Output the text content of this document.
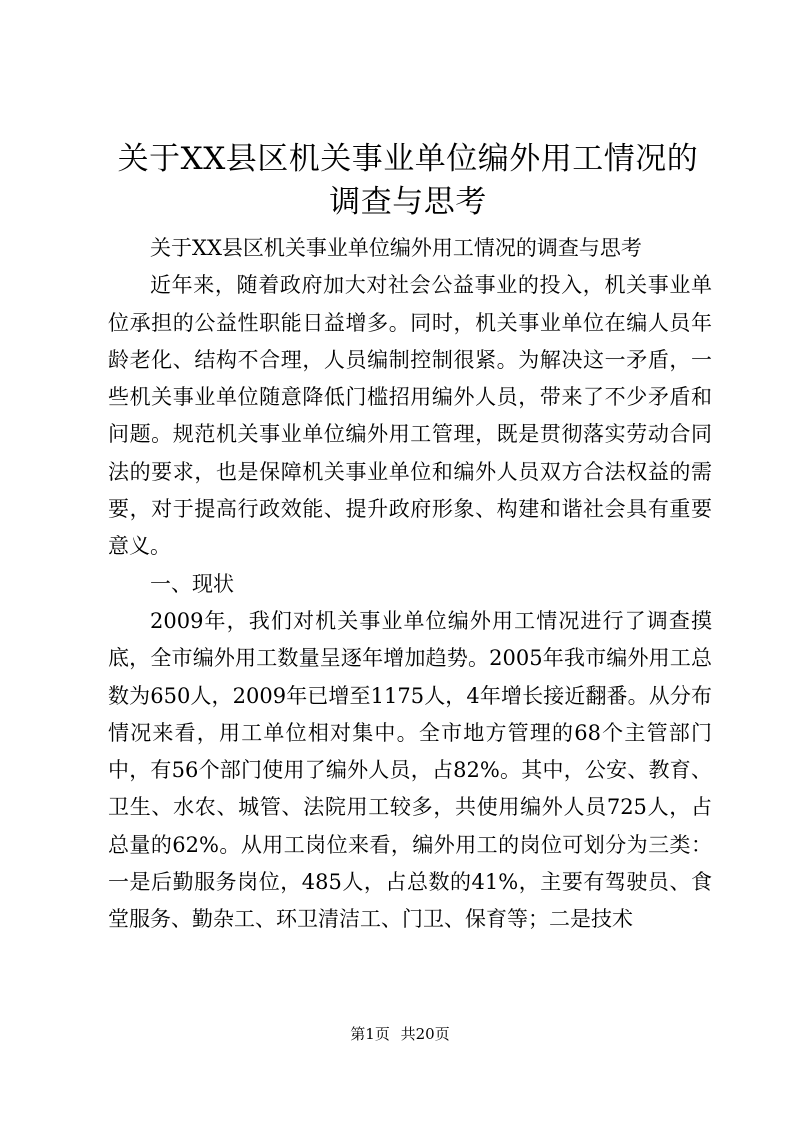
关于XX县区机关事业单位编外用工情况的调查与思考

关于XX县区机关事业单位编外用工情况的调查与思考

近年来，随着政府加大对社会公益事业的投入，机关事业单位承担的公益性职能日益增多。同时，机关事业单位在编人员年龄老化、结构不合理，人员编制控制很紧。为解决这一矛盾，一些机关事业单位随意降低门槛招用编外人员，带来了不少矛盾和问题。规范机关事业单位编外用工管理，既是贯彻落实劳动合同法的要求，也是保障机关事业单位和编外人员双方合法权益的需要，对于提高行政效能、提升政府形象、构建和谐社会具有重要意义。

一、现状

2009年，我们对机关事业单位编外用工情况进行了调查摸底，全市编外用工数量呈逐年增加趋势。2005年我市编外用工总数为650人，2009年已增至1175人，4年增长接近翻番。从分布情况来看，用工单位相对集中。全市地方管理的68个主管部门中，有56个部门使用了编外人员，占82%。其中，公安、教育、卫生、水农、城管、法院用工较多，共使用编外人员725人，占总量的62%。从用工岗位来看，编外用工的岗位可划分为三类：一是后勤服务岗位，485人，占总数的41%，主要有驾驶员、食堂服务、勤杂工、环卫清洁工、门卫、保育等；二是技术

第1页 共20页
